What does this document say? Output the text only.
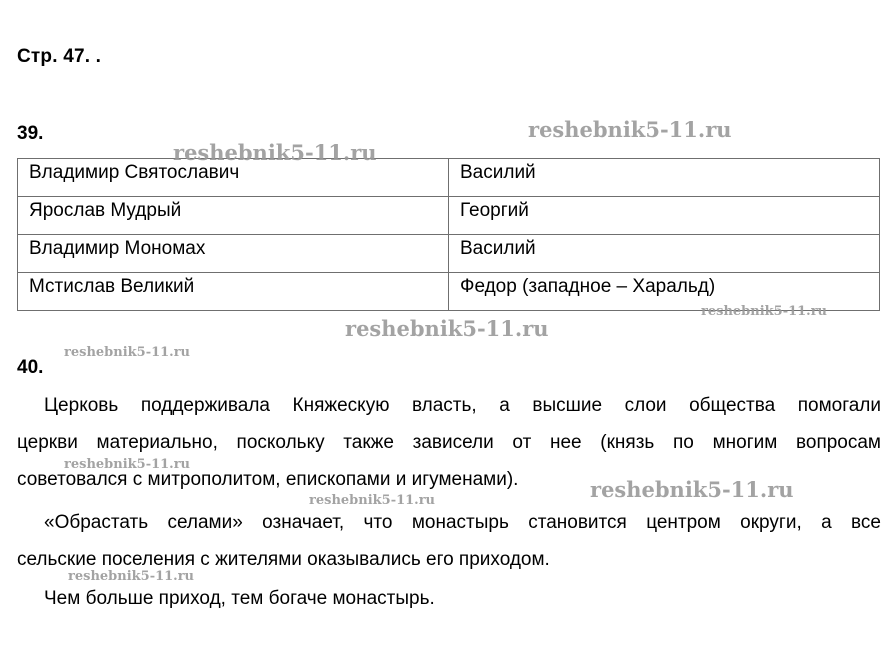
Стр. 47. .
39.
Владимир Святославич	Василий
Ярослав Мудрый	Георгий
Владимир Мономах	Василий
Мстислав Великий	Федор (западное – Харальд)
40.
Церковь поддерживала Княжескую власть, а высшие слои общества помогали
церкви материально, поскольку также зависели от нее (князь по многим вопросам
советовался с митрополитом, епископами и игуменами).
«Обрастать селами» означает, что монастырь становится центром округи, а все
сельские поселения с жителями оказывались его приходом.
Чем больше приход, тем богаче монастырь.
reshebnik5-11.ru
reshebnik5-11.ru
reshebnik5-11.ru
reshebnik5-11.ru
reshebnik5-11.ru
reshebnik5-11.ru
reshebnik5-11.ru
reshebnik5-11.ru
reshebnik5-11.ru
